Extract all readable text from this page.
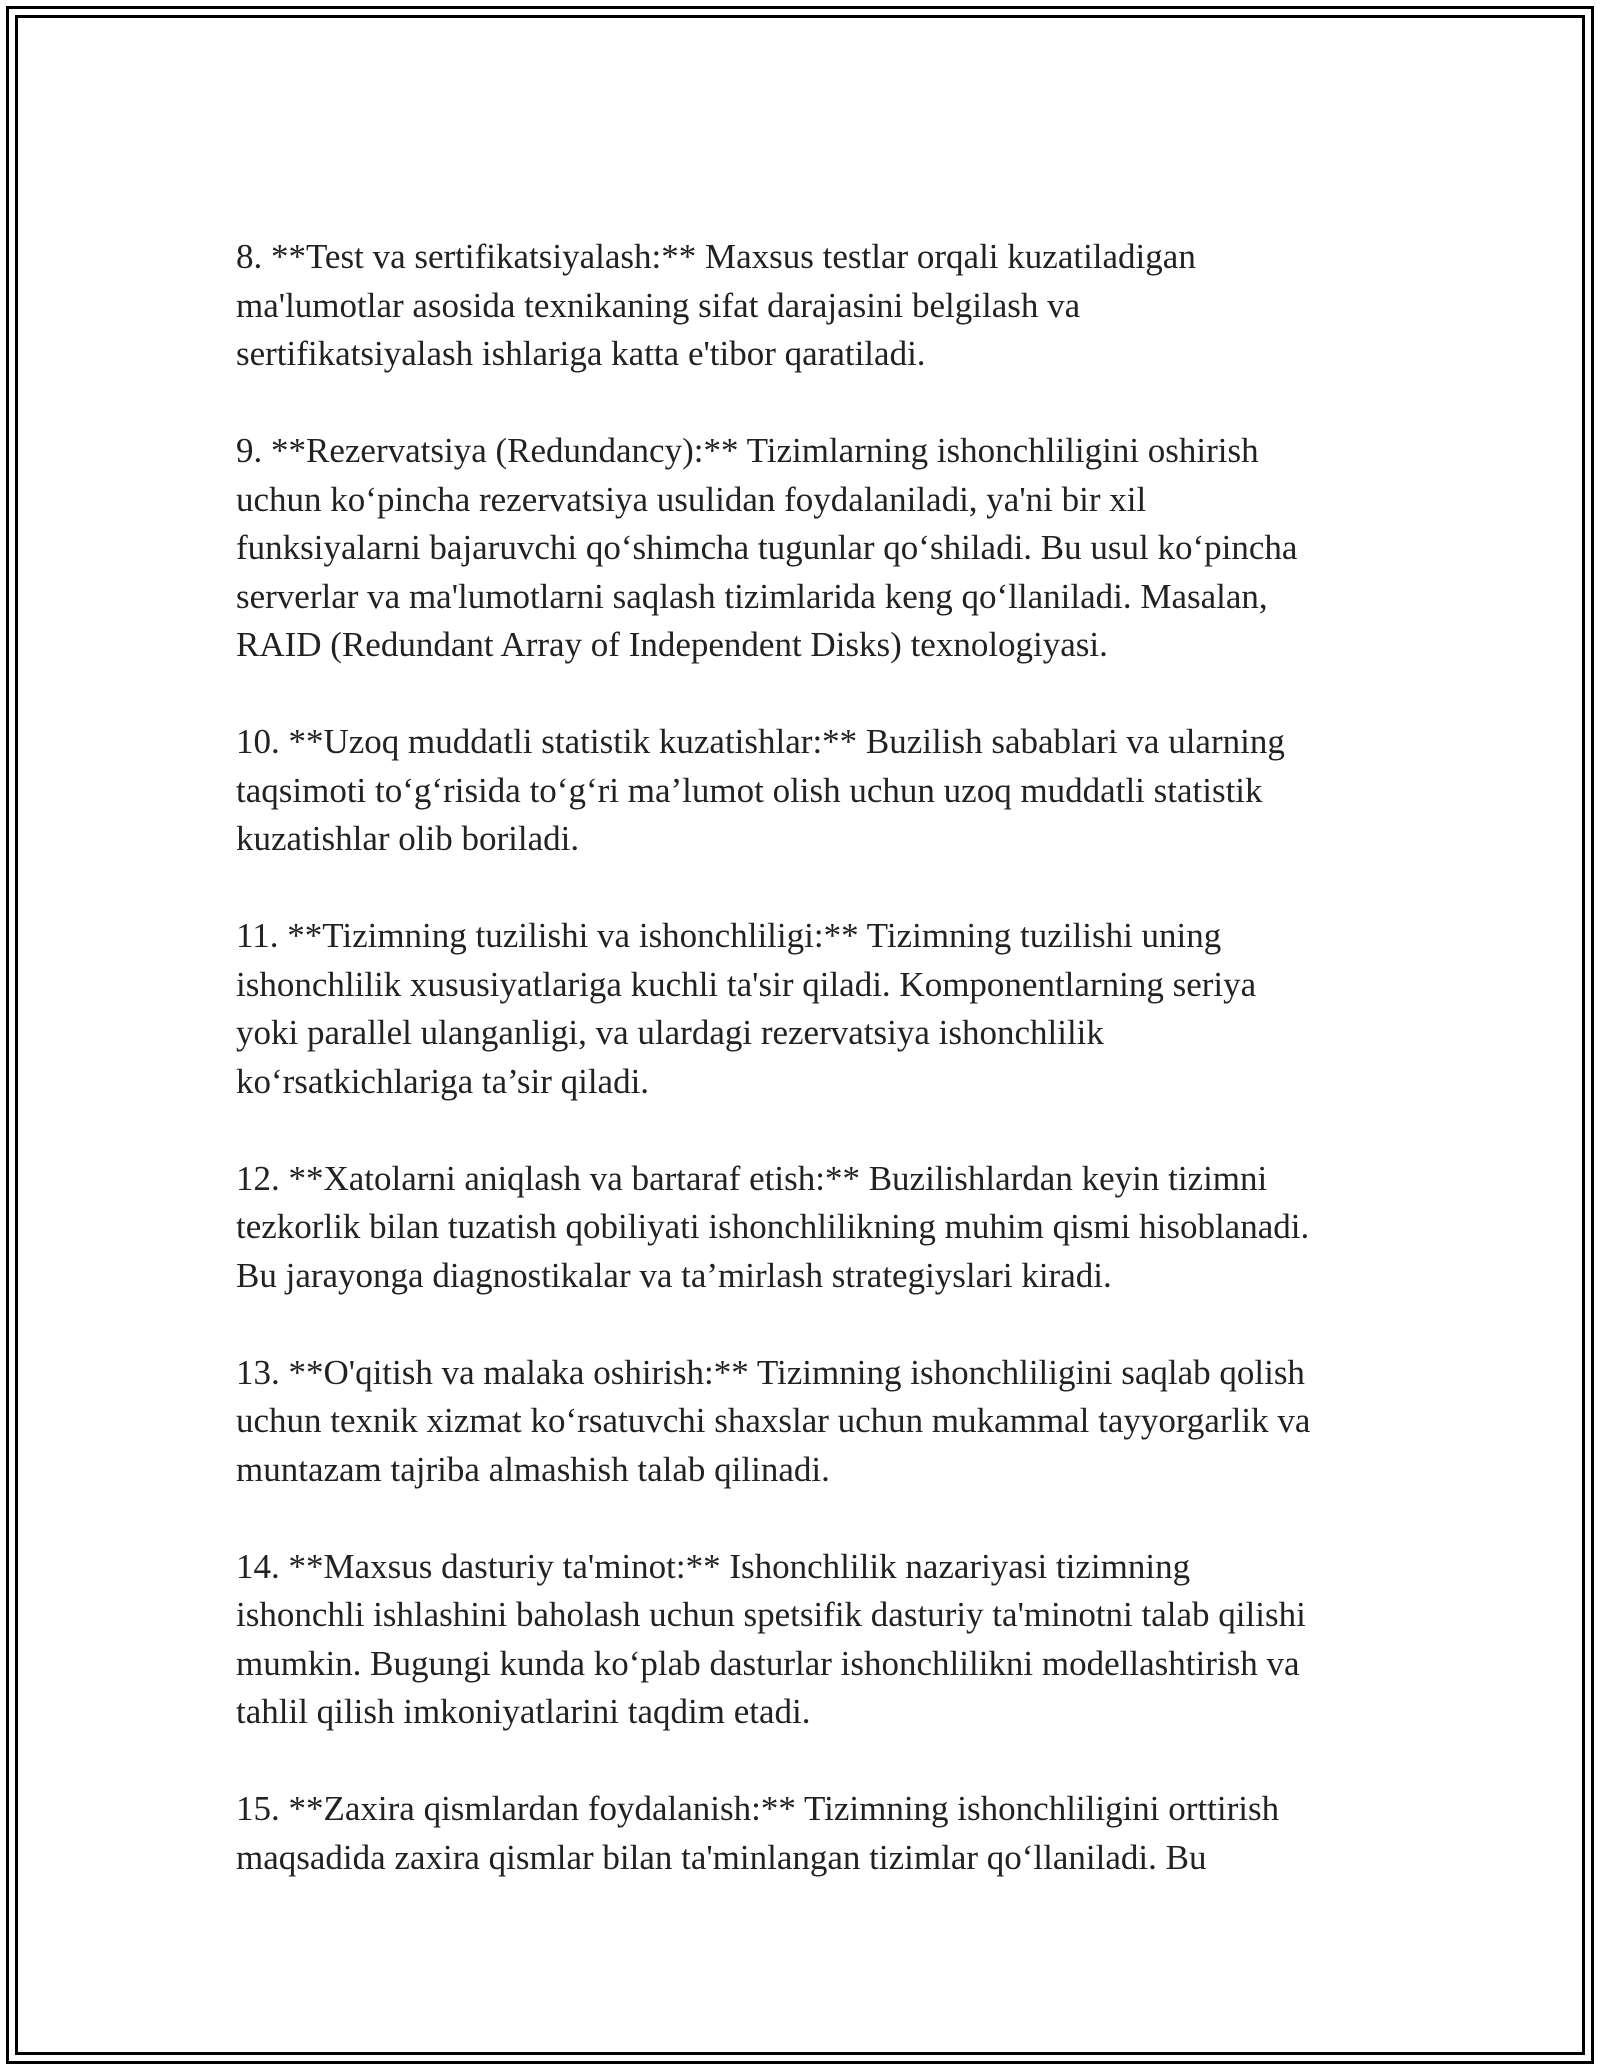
8. **Test va sertifikatsiyalash:** Maxsus testlar orqali kuzatiladigan
ma'lumotlar asosida texnikaning sifat darajasini belgilash va
sertifikatsiyalash ishlariga katta e'tibor qaratiladi.

9. **Rezervatsiya (Redundancy):** Tizimlarning ishonchliligini oshirish
uchun ko‘pincha rezervatsiya usulidan foydalaniladi, ya'ni bir xil
funksiyalarni bajaruvchi qo‘shimcha tugunlar qo‘shiladi. Bu usul ko‘pincha
serverlar va ma'lumotlarni saqlash tizimlarida keng qo‘llaniladi. Masalan,
RAID (Redundant Array of Independent Disks) texnologiyasi.

10. **Uzoq muddatli statistik kuzatishlar:** Buzilish sabablari va ularning
taqsimoti to‘g‘risida to‘g‘ri ma’lumot olish uchun uzoq muddatli statistik
kuzatishlar olib boriladi.

11. **Tizimning tuzilishi va ishonchliligi:** Tizimning tuzilishi uning
ishonchlilik xususiyatlariga kuchli ta'sir qiladi. Komponentlarning seriya
yoki parallel ulanganligi, va ulardagi rezervatsiya ishonchlilik
ko‘rsatkichlariga ta’sir qiladi.

12. **Xatolarni aniqlash va bartaraf etish:** Buzilishlardan keyin tizimni
tezkorlik bilan tuzatish qobiliyati ishonchlilikning muhim qismi hisoblanadi.
Bu jarayonga diagnostikalar va ta’mirlash strategiyslari kiradi.

13. **O'qitish va malaka oshirish:** Tizimning ishonchliligini saqlab qolish
uchun texnik xizmat ko‘rsatuvchi shaxslar uchun mukammal tayyorgarlik va
muntazam tajriba almashish talab qilinadi.

14. **Maxsus dasturiy ta'minot:** Ishonchlilik nazariyasi tizimning
ishonchli ishlashini baholash uchun spetsifik dasturiy ta'minotni talab qilishi
mumkin. Bugungi kunda ko‘plab dasturlar ishonchlilikni modellashtirish va
tahlil qilish imkoniyatlarini taqdim etadi.

15. **Zaxira qismlardan foydalanish:** Tizimning ishonchliligini orttirish
maqsadida zaxira qismlar bilan ta'minlangan tizimlar qo‘llaniladi. Bu
